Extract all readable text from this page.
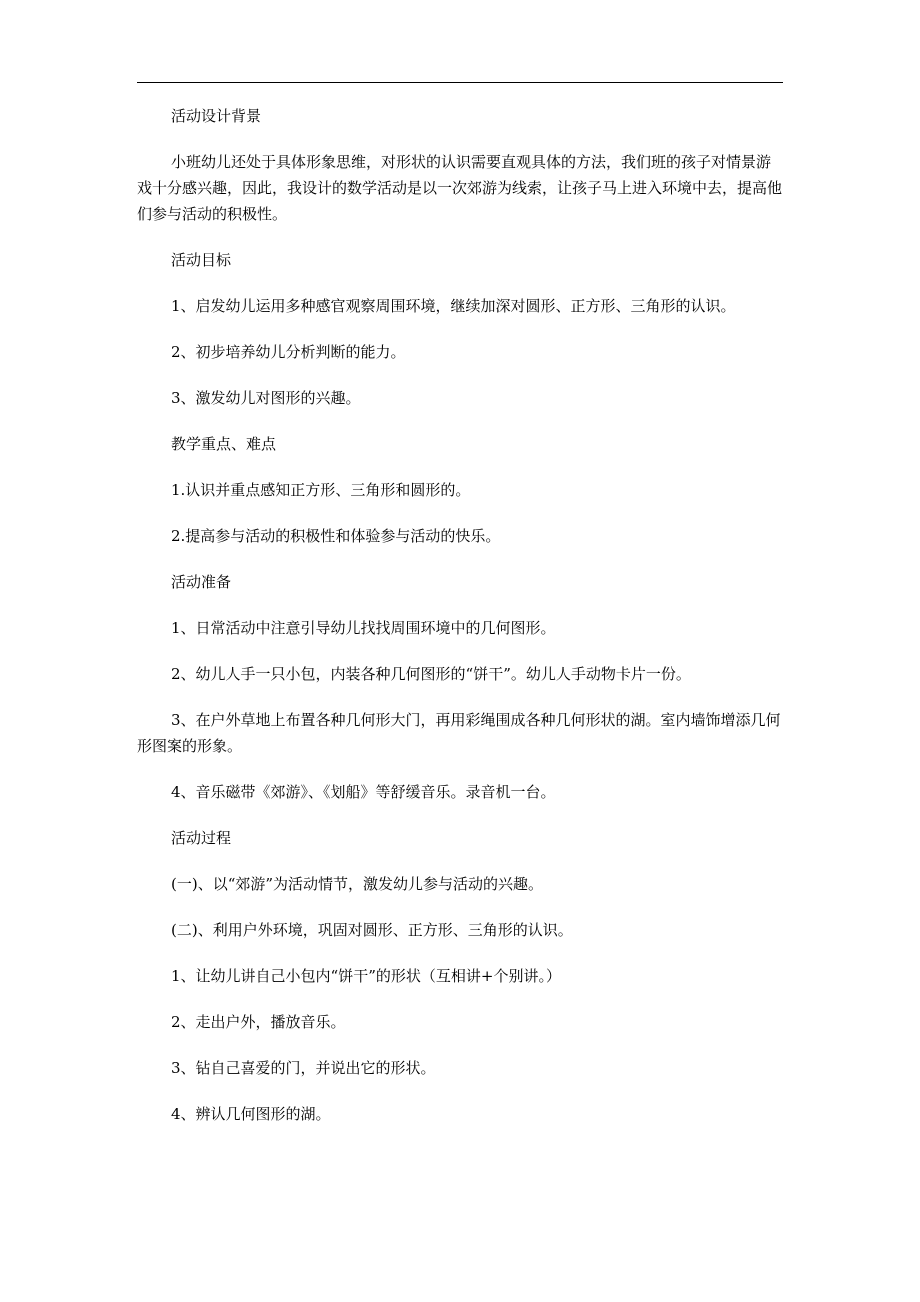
活动设计背景

小班幼儿还处于具体形象思维，对形状的认识需要直观具体的方法，我们班的孩子对情景游戏十分感兴趣，因此，我设计的数学活动是以一次郊游为线索，让孩子马上进入环境中去，提高他们参与活动的积极性。

活动目标

1、启发幼儿运用多种感官观察周围环境，继续加深对圆形、正方形、三角形的认识。

2、初步培养幼儿分析判断的能力。

3、激发幼儿对图形的兴趣。

教学重点、难点

1.认识并重点感知正方形、三角形和圆形的。

2.提高参与活动的积极性和体验参与活动的快乐。

活动准备

1、日常活动中注意引导幼儿找找周围环境中的几何图形。

2、幼儿人手一只小包，内装各种几何图形的“饼干”。幼儿人手动物卡片一份。

3、在户外草地上布置各种几何形大门，再用彩绳围成各种几何形状的湖。室内墙饰增添几何形图案的形象。

4、音乐磁带《郊游》、《划船》等舒缓音乐。录音机一台。

活动过程

(一)、以“郊游”为活动情节，激发幼儿参与活动的兴趣。

(二)、利用户外环境，巩固对圆形、正方形、三角形的认识。

1、让幼儿讲自己小包内“饼干”的形状（互相讲+个别讲。）

2、走出户外，播放音乐。

3、钻自己喜爱的门，并说出它的形状。

4、辨认几何图形的湖。
